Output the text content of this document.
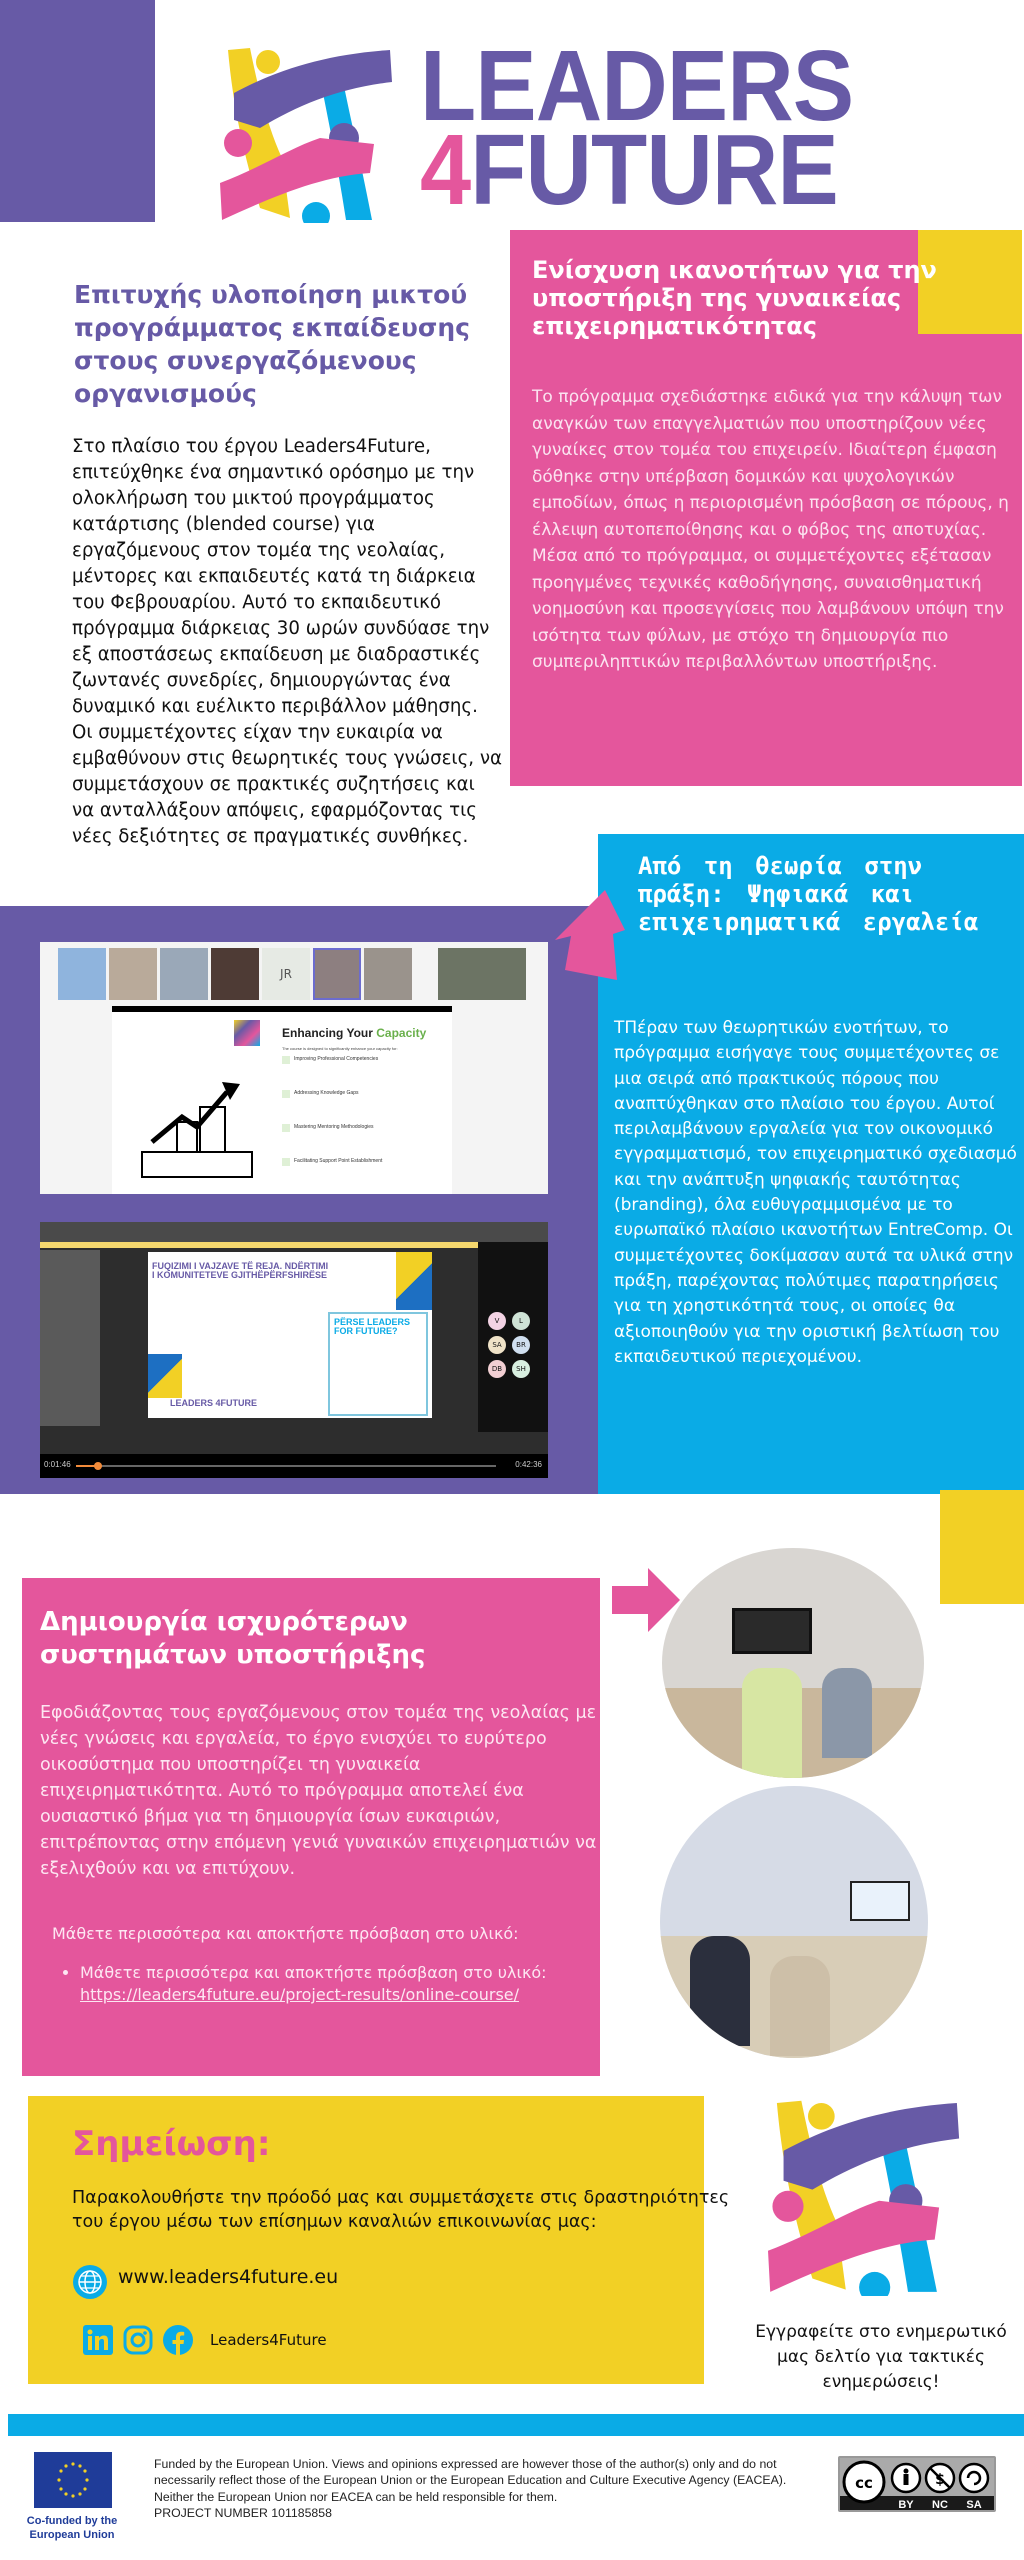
LEADERS
4FUTURE
Επιτυχής υλοποίηση μικτού προγράμματος εκπαίδευσης στους συνεργαζόμενους οργανισμούς

Στο πλαίσιο του έργου Leaders4Future, επιτεύχθηκε ένα σημαντικό ορόσημο με την ολοκλήρωση του μικτού προγράμματος κατάρτισης (blended course) για εργαζόμενους στον τομέα της νεολαίας, μέντορες και εκπαιδευτές κατά τη διάρκεια του Φεβρουαρίου. Αυτό το εκπαιδευτικό πρόγραμμα διάρκειας 30 ωρών συνδύασε την εξ αποστάσεως εκπαίδευση με διαδραστικές ζωντανές συνεδρίες, δημιουργώντας ένα δυναμικό και ευέλικτο περιβάλλον μάθησης. Οι συμμετέχοντες είχαν την ευκαιρία να εμβαθύνουν στις θεωρητικές τους γνώσεις, να συμμετάσχουν σε πρακτικές συζητήσεις και να ανταλλάξουν απόψεις, εφαρμόζοντας τις νέες δεξιότητες σε πραγματικές συνθήκες.

Ενίσχυση ικανοτήτων για την υποστήριξη της γυναικείας επιχειρηματικότητας

Το πρόγραμμα σχεδιάστηκε ειδικά για την κάλυψη των αναγκών των επαγγελματιών που υποστηρίζουν νέες γυναίκες στον τομέα του επιχειρείν. Ιδιαίτερη έμφαση δόθηκε στην υπέρβαση δομικών και ψυχολογικών εμποδίων, όπως η περιορισμένη πρόσβαση σε πόρους, η έλλειψη αυτοπεποίθησης και ο φόβος της αποτυχίας. Μέσα από το πρόγραμμα, οι συμμετέχοντες εξέτασαν προηγμένες τεχνικές καθοδήγησης, συναισθηματική νοημοσύνη και προσεγγίσεις που λαμβάνουν υπόψη την ισότητα των φύλων, με στόχο τη δημιουργία πιο συμπεριληπτικών περιβαλλόντων υποστήριξης.

JR
Enhancing Your Capacity
The course is designed to significantly enhance your capacity for:
Improving Professional Competencies
Addressing Knowledge Gaps
Mastering Mentoring Methodologies
Facilitating Support Point Establishment
FUQIZIMI I VAJZAVE TË REJA. NDËRTIMI I KOMUNITETEVE GJITHËPËRFSHIRËSE
PËRSE LEADERS FOR FUTURE?
LEADERS 4FUTURE
V	L
SA	BR
DB	SH
0:01:46	0:42:36
Από τη θεωρία στην πράξη: Ψηφιακά και επιχειρηματικά εργαλεία

ΤΠέραν των θεωρητικών ενοτήτων, το πρόγραμμα εισήγαγε τους συμμετέχοντες σε μια σειρά από πρακτικούς πόρους που αναπτύχθηκαν στο πλαίσιο του έργου. Αυτοί περιλαμβάνουν εργαλεία για τον οικονομικό εγγραμματισμό, τον επιχειρηματικό σχεδιασμό και την ανάπτυξη ψηφιακής ταυτότητας (branding), όλα ευθυγραμμισμένα με το ευρωπαϊκό πλαίσιο ικανοτήτων EntreComp. Οι συμμετέχοντες δοκίμασαν αυτά τα υλικά στην πράξη, παρέχοντας πολύτιμες παρατηρήσεις για τη χρηστικότητά τους, οι οποίες θα αξιοποιηθούν για την οριστική βελτίωση του εκπαιδευτικού περιεχομένου.

Δημιουργία ισχυρότερων συστημάτων υποστήριξης

Εφοδιάζοντας τους εργαζόμενους στον τομέα της νεολαίας με νέες γνώσεις και εργαλεία, το έργο ενισχύει το ευρύτερο οικοσύστημα που υποστηρίζει τη γυναικεία επιχειρηματικότητα. Αυτό το πρόγραμμα αποτελεί ένα ουσιαστικό βήμα για τη δημιουργία ίσων ευκαιριών, επιτρέποντας στην επόμενη γενιά γυναικών επιχειρηματιών να εξελιχθούν και να επιτύχουν.

Μάθετε περισσότερα και αποκτήστε πρόσβαση στο υλικό:

• Μάθετε περισσότερα και αποκτήστε πρόσβαση στο υλικό:
https://leaders4future.eu/project-results/online-course/
Σημείωση:

Παρακολουθήστε την πρόοδό μας και συμμετάσχετε στις δραστηριότητες του έργου μέσω των επίσημων καναλιών επικοινωνίας μας:

www.leaders4future.eu
Leaders4Future	Εγγραφείτε στο ενημερωτικό μας δελτίο για τακτικές ενημερώσεις!

Co-funded by the European Union

Funded by the European Union. Views and opinions expressed are however those of the author(s) only and do not necessarily reflect those of the European Union or the European Education and Culture Executive Agency (EACEA). Neither the European Union nor EACEA can be held responsible for them.

PROJECT NUMBER 101185858

cc	$
BY NC SA
